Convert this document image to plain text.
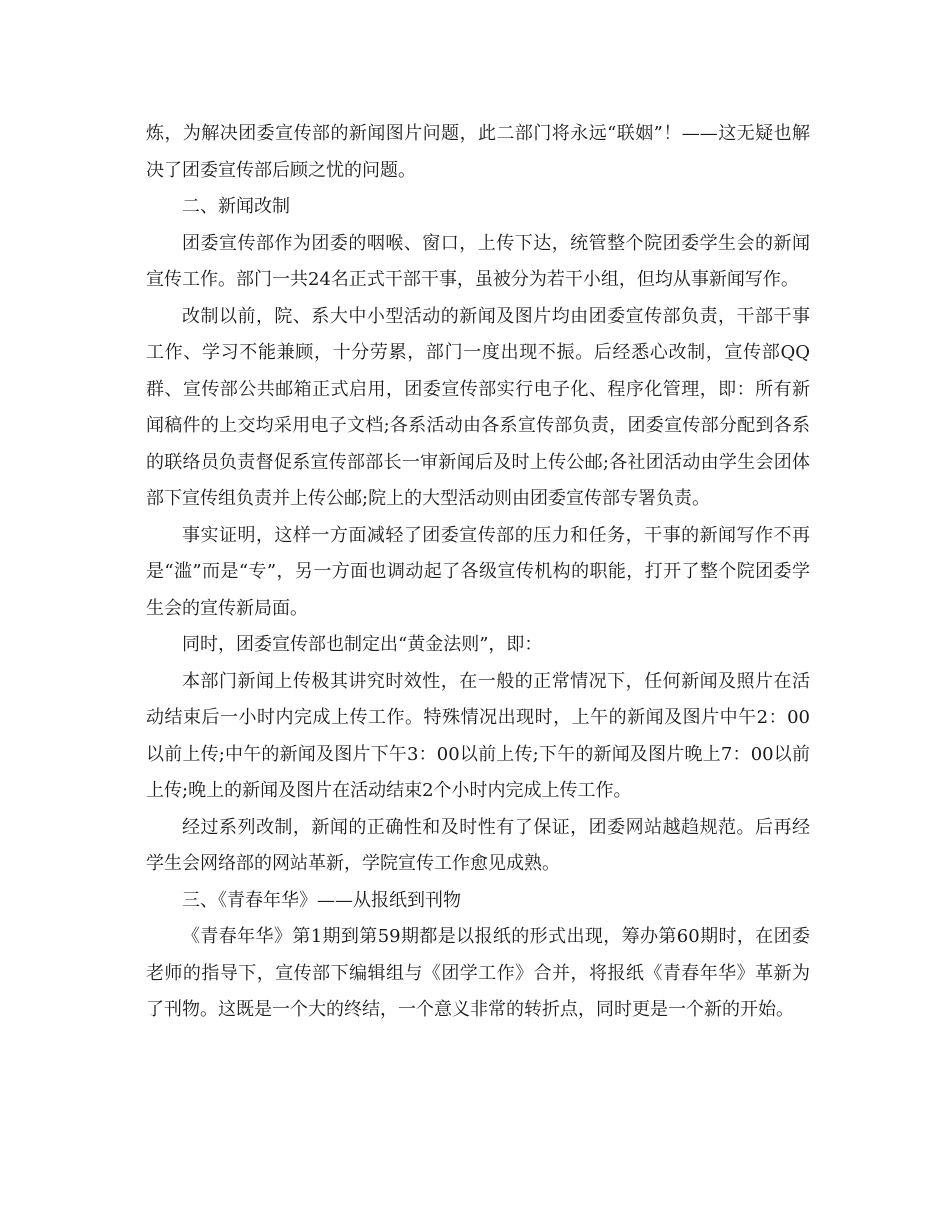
炼，为解决团委宣传部的新闻图片问题，此二部门将永远“联姻”！——这无疑也解决了团委宣传部后顾之忧的问题。

二、新闻改制

团委宣传部作为团委的咽喉、窗口，上传下达，统管整个院团委学生会的新闻宣传工作。部门一共24名正式干部干事，虽被分为若干小组，但均从事新闻写作。

改制以前，院、系大中小型活动的新闻及图片均由团委宣传部负责，干部干事工作、学习不能兼顾，十分劳累，部门一度出现不振。后经悉心改制，宣传部QQ群、宣传部公共邮箱正式启用，团委宣传部实行电子化、程序化管理，即：所有新闻稿件的上交均采用电子文档;各系活动由各系宣传部负责，团委宣传部分配到各系的联络员负责督促系宣传部部长一审新闻后及时上传公邮;各社团活动由学生会团体部下宣传组负责并上传公邮;院上的大型活动则由团委宣传部专署负责。

事实证明，这样一方面减轻了团委宣传部的压力和任务，干事的新闻写作不再是“滥”而是“专”，另一方面也调动起了各级宣传机构的职能，打开了整个院团委学生会的宣传新局面。

同时，团委宣传部也制定出“黄金法则”，即：

本部门新闻上传极其讲究时效性，在一般的正常情况下，任何新闻及照片在活动结束后一小时内完成上传工作。特殊情况出现时，上午的新闻及图片中午2：00以前上传;中午的新闻及图片下午3：00以前上传;下午的新闻及图片晚上7：00以前上传;晚上的新闻及图片在活动结束2个小时内完成上传工作。

经过系列改制，新闻的正确性和及时性有了保证，团委网站越趋规范。后再经学生会网络部的网站革新，学院宣传工作愈见成熟。

三、《青春年华》——从报纸到刊物

《青春年华》第1期到第59期都是以报纸的形式出现，筹办第60期时，在团委老师的指导下，宣传部下编辑组与《团学工作》合并，将报纸《青春年华》革新为了刊物。这既是一个大的终结，一个意义非常的转折点，同时更是一个新的开始。
